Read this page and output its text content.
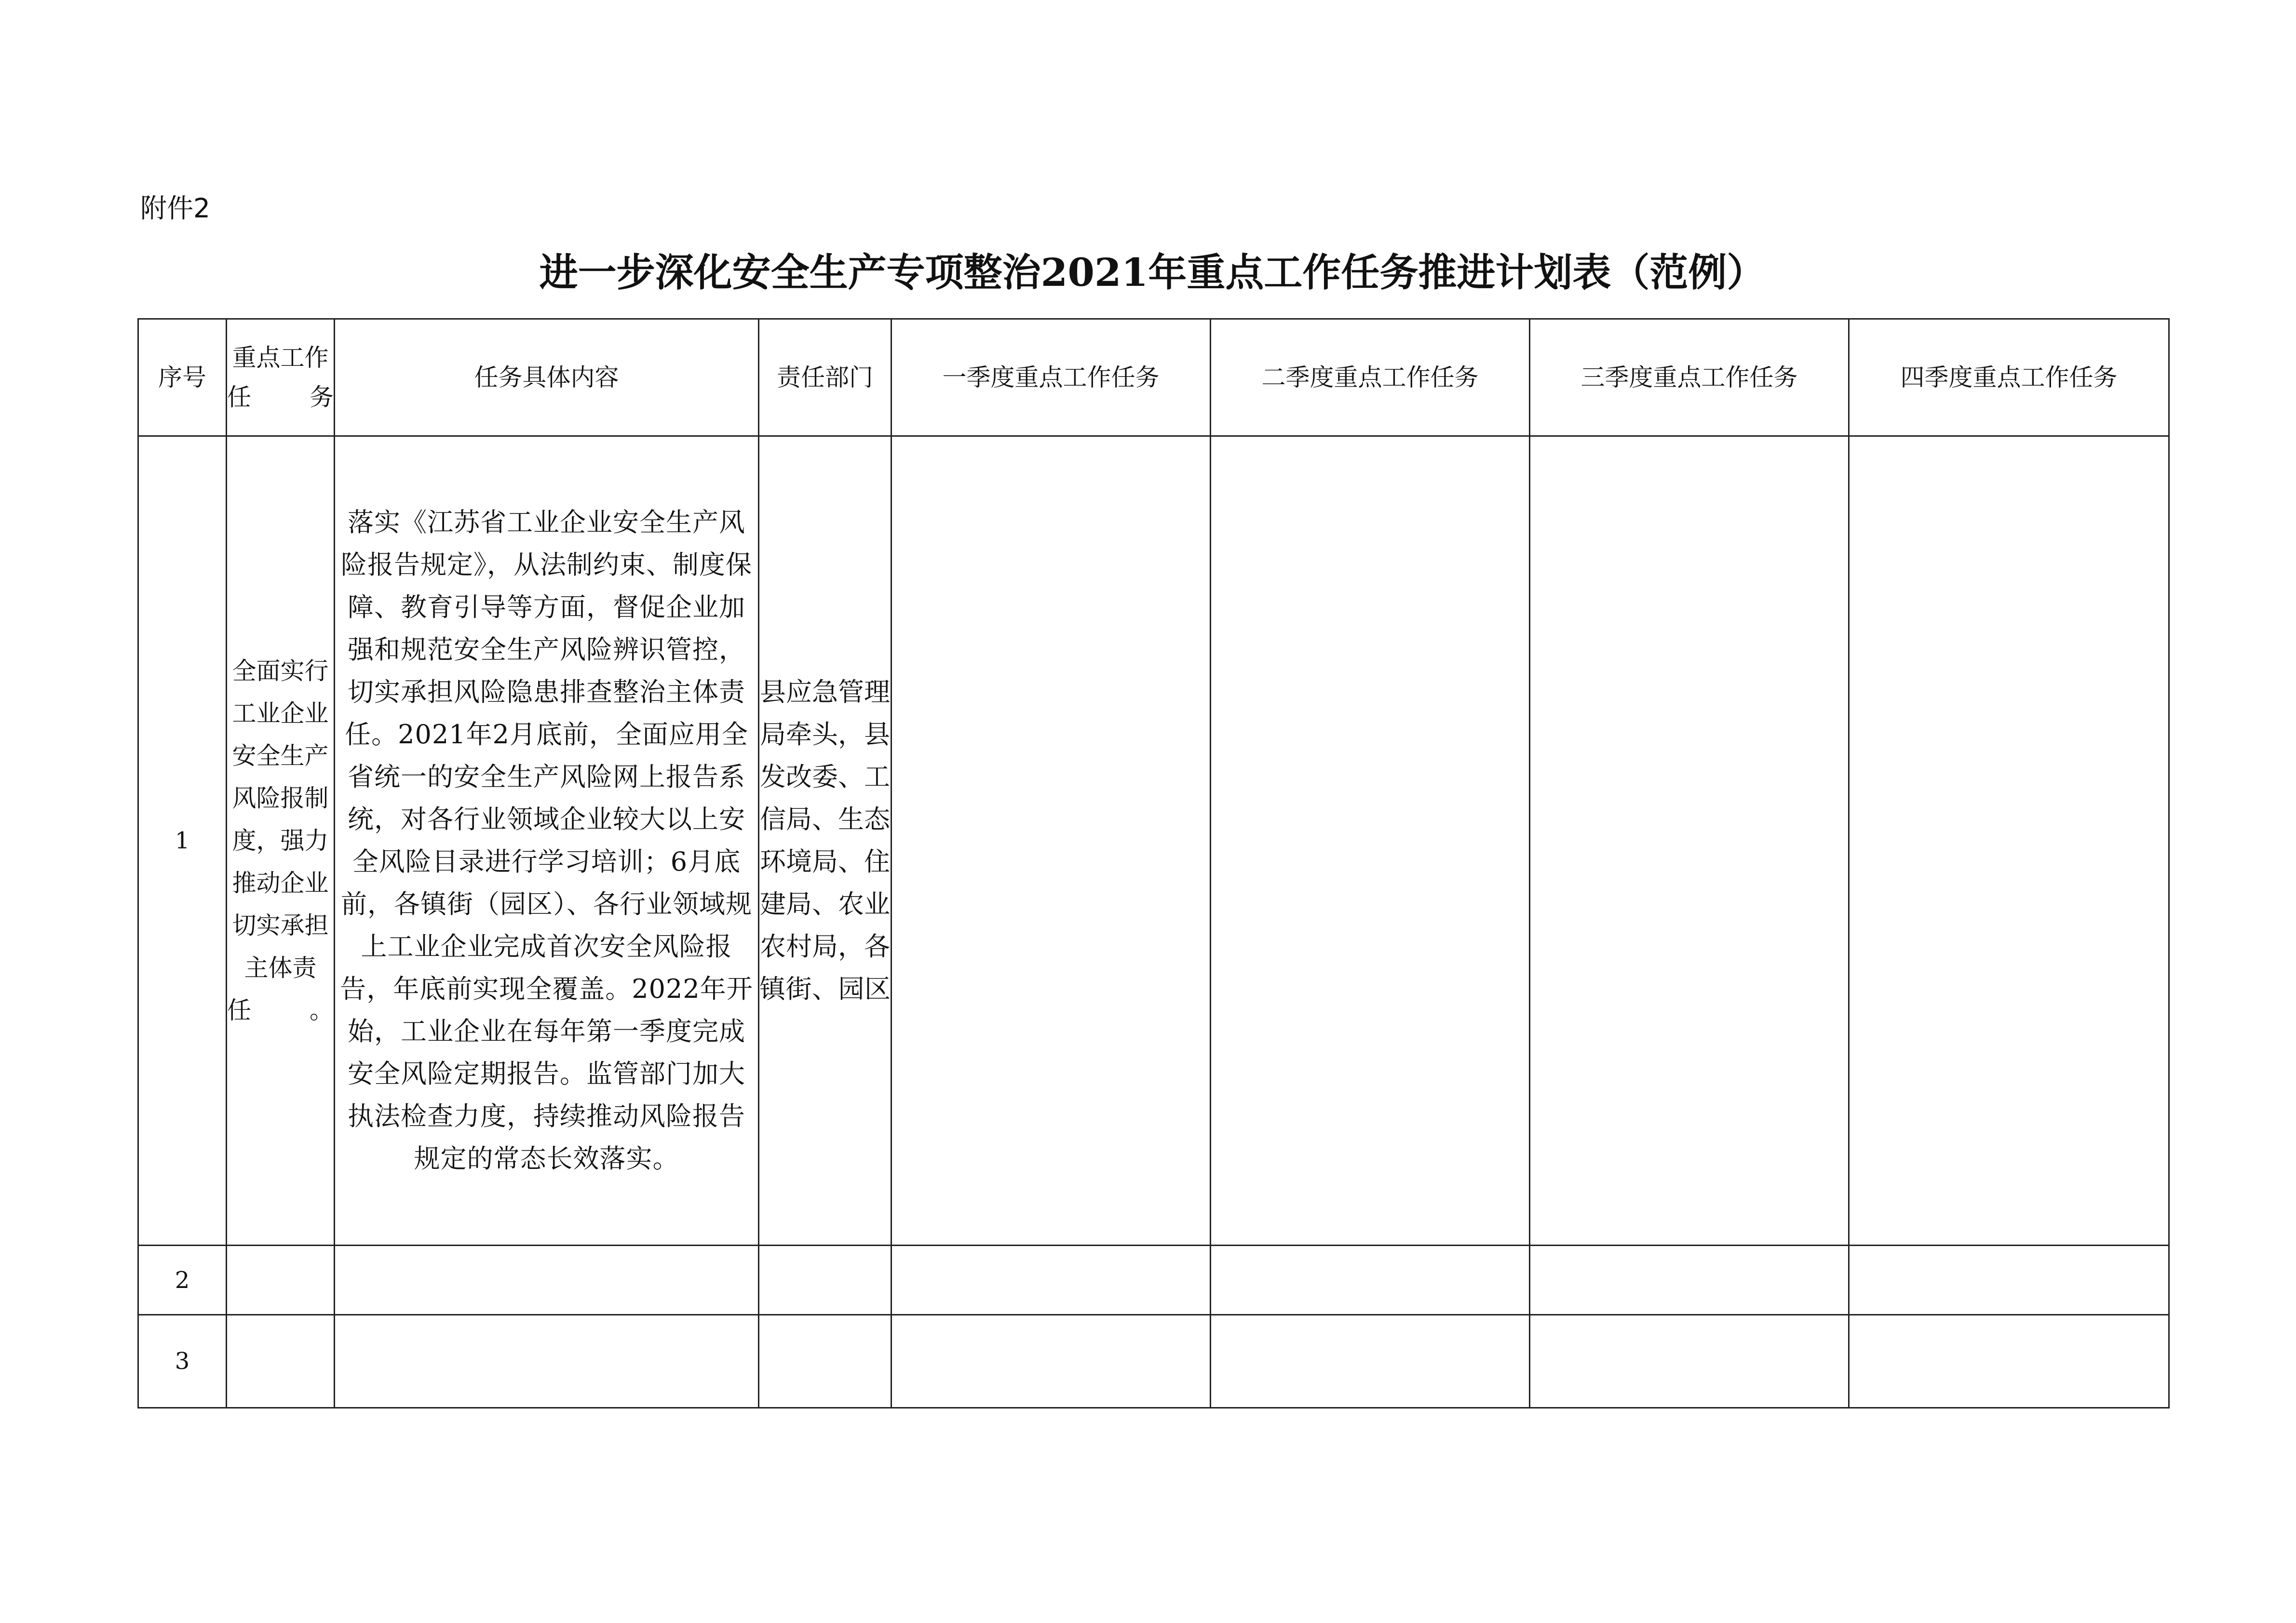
附件2
进一步深化安全生产专项整治2021年重点工作任务推进计划表（范例）
序号	重点工作任务	任务具体内容	责任部门	一季度重点工作任务	二季度重点工作任务	三季度重点工作任务	四季度重点工作任务
1	全面实行工业企业安全生产风险报制度，强力推动企业切实承担主体责任。	落实《江苏省工业企业安全生产风险报告规定》，从法制约束、制度保障、教育引导等方面，督促企业加强和规范安全生产风险辨识管控，切实承担风险隐患排查整治主体责任。2021年2月底前，全面应用全省统一的安全生产风险网上报告系统，对各行业领域企业较大以上安全风险目录进行学习培训；6月底前，各镇街（园区）、各行业领域规上工业企业完成首次安全风险报告，年底前实现全覆盖。2022年开始，工业企业在每年第一季度完成安全风险定期报告。监管部门加大执法检查力度，持续推动风险报告规定的常态长效落实。	县应急管理局牵头，县发改委、工信局、生态环境局、住建局、农业农村局，各镇街、园区				
2							
3							
